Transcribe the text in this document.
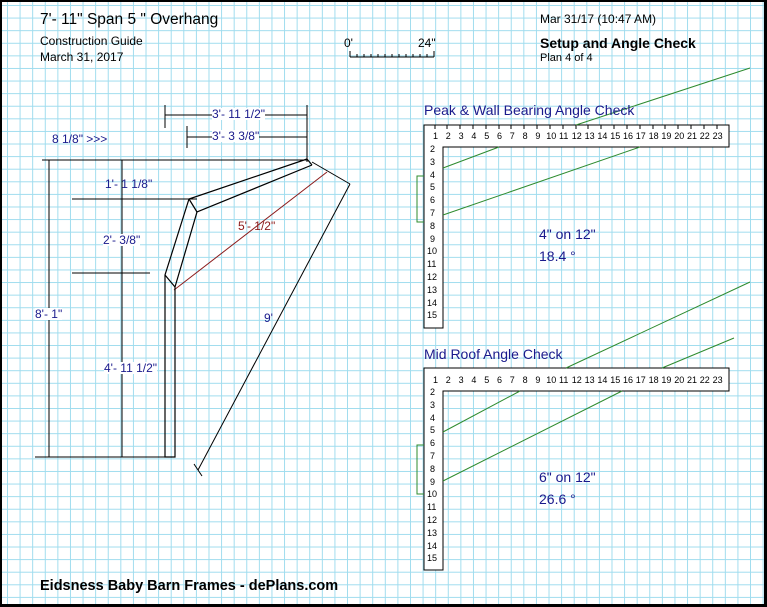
7'- 11" Span 5 " Overhang
Construction Guide
March 31, 2017
Mar 31/17 (10:47 AM)
Setup and Angle Check
Plan 4 of 4
0'	24"
3'- 11 1/2"
3'- 3 3/8"
8 1/8" >>>
8'- 1"
1'- 1 1/8"
2'- 3/8"
4'- 11 1/2"
5'- 1/2"
9'
Peak & Wall Bearing Angle Check
4" on 12"
18.4 °
Mid Roof Angle Check
6" on 12"
26.6 °
1 2 3 4 5 6 7 8 9 10 11 12 13 14 15 16 17 18 19 20 21 22 23
2
3
4
5
6
7
8
9
10
11
12
13
14
15
1 2 3 4 5 6 7 8 9 10 11 12 13 14 15 16 17 18 19 20 21 22 23
2
3
4
5
6
7
8
9
10
11
12
13
14
15
Eidsness Baby Barn Frames - dePlans.com
